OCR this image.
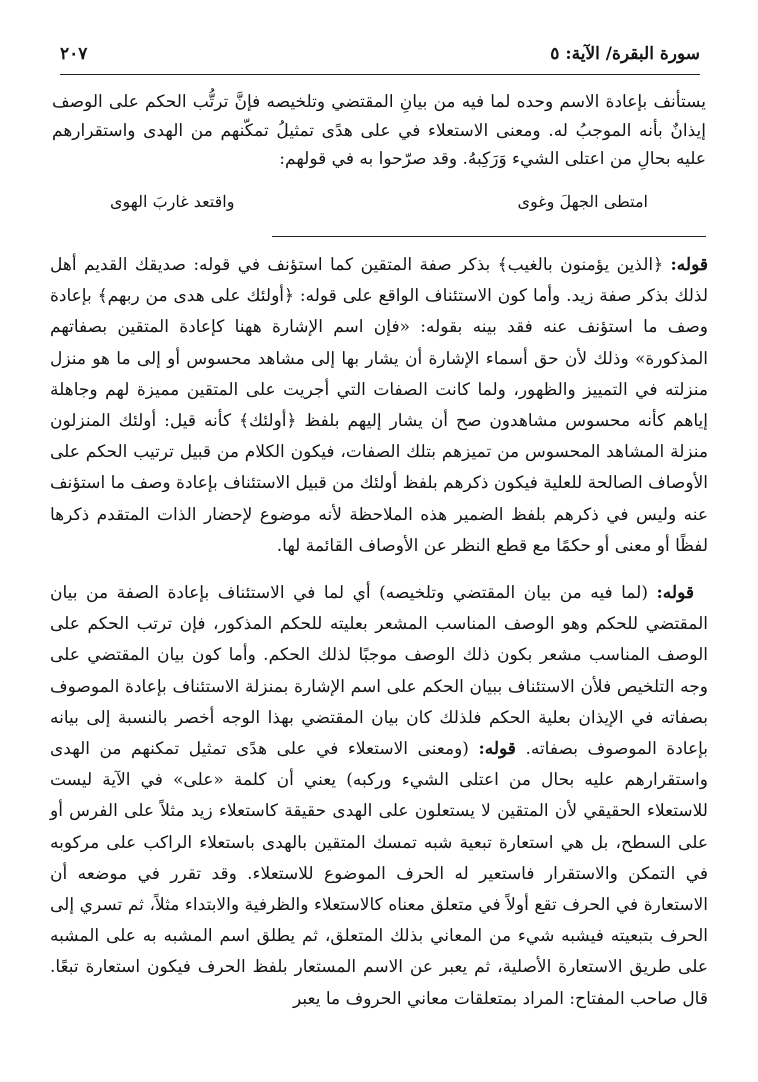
سورة البقرة/ الآية: ٥
٢٠٧
يستأنف بإعادة الاسم وحده لما فيه من بيانِ المقتضي وتلخيصه فإنَّ ترتُّب الحكم على الوصف إيذانٌ بأنه الموجبُ له. ومعنى الاستعلاء في على هدًى تمثيلُ تمكّنهم من الهدى واستقرارهم عليه بحالِ من اعتلى الشيء وَرَكِبهُ. وقد صرّحوا به في قولهم:
امتطى الجهلَ وغوى
واقتعد غاربَ الهوى

قوله: ﴿الذين يؤمنون بالغيب﴾ بذكر صفة المتقين كما استؤنف في قوله: صديقك القديم أهل لذلك بذكر صفة زيد. وأما كون الاستئناف الواقع على قوله: ﴿أولئك على هدى من ربهم﴾ بإعادة وصف ما استؤنف عنه فقد بينه بقوله: «فإن اسم الإشارة ههنا كإعادة المتقين بصفاتهم المذكورة» وذلك لأن حق أسماء الإشارة أن يشار بها إلى مشاهد محسوس أو إلى ما هو منزل منزلته في التمييز والظهور، ولما كانت الصفات التي أجريت على المتقين مميزة لهم وجاهلة إياهم كأنه محسوس مشاهدون صح أن يشار إليهم بلفظ ﴿أولئك﴾ كأنه قيل: أولئك المنزلون منزلة المشاهد المحسوس من تميزهم بتلك الصفات، فيكون الكلام من قبيل ترتيب الحكم على الأوصاف الصالحة للعلية فيكون ذكرهم بلفظ أولئك من قبيل الاستئناف بإعادة وصف ما استؤنف عنه وليس في ذكرهم بلفظ الضمير هذه الملاحظة لأنه موضوع لإحضار الذات المتقدم ذكرها لفظًا أو معنى أو حكمًا مع قطع النظر عن الأوصاف القائمة لها.

قوله: (لما فيه من بيان المقتضي وتلخيصه) أي لما في الاستئناف بإعادة الصفة من بيان المقتضي للحكم وهو الوصف المناسب المشعر بعليته للحكم المذكور، فإن ترتب الحكم على الوصف المناسب مشعر بكون ذلك الوصف موجبًا لذلك الحكم. وأما كون بيان المقتضي على وجه التلخيص فلأن الاستئناف ببيان الحكم على اسم الإشارة بمنزلة الاستئناف بإعادة الموصوف بصفاته في الإيذان بعلية الحكم فلذلك كان بيان المقتضي بهذا الوجه أخصر بالنسبة إلى بيانه بإعادة الموصوف بصفاته. قوله: (ومعنى الاستعلاء في على هدًى تمثيل تمكنهم من الهدى واستقرارهم عليه بحال من اعتلى الشيء وركبه) يعني أن كلمة «على» في الآية ليست للاستعلاء الحقيقي لأن المتقين لا يستعلون على الهدى حقيقة كاستعلاء زيد مثلاً على الفرس أو على السطح، بل هي استعارة تبعية شبه تمسك المتقين بالهدى باستعلاء الراكب على مركوبه في التمكن والاستقرار فاستعير له الحرف الموضوع للاستعلاء. وقد تقرر في موضعه أن الاستعارة في الحرف تقع أولاً في متعلق معناه كالاستعلاء والظرفية والابتداء مثلاً، ثم تسري إلى الحرف بتبعيته فيشبه شيء من المعاني بذلك المتعلق، ثم يطلق اسم المشبه به على المشبه على طريق الاستعارة الأصلية، ثم يعبر عن الاسم المستعار بلفظ الحرف فيكون استعارة تبعًا. قال صاحب المفتاح: المراد بمتعلقات معاني الحروف ما يعبر
